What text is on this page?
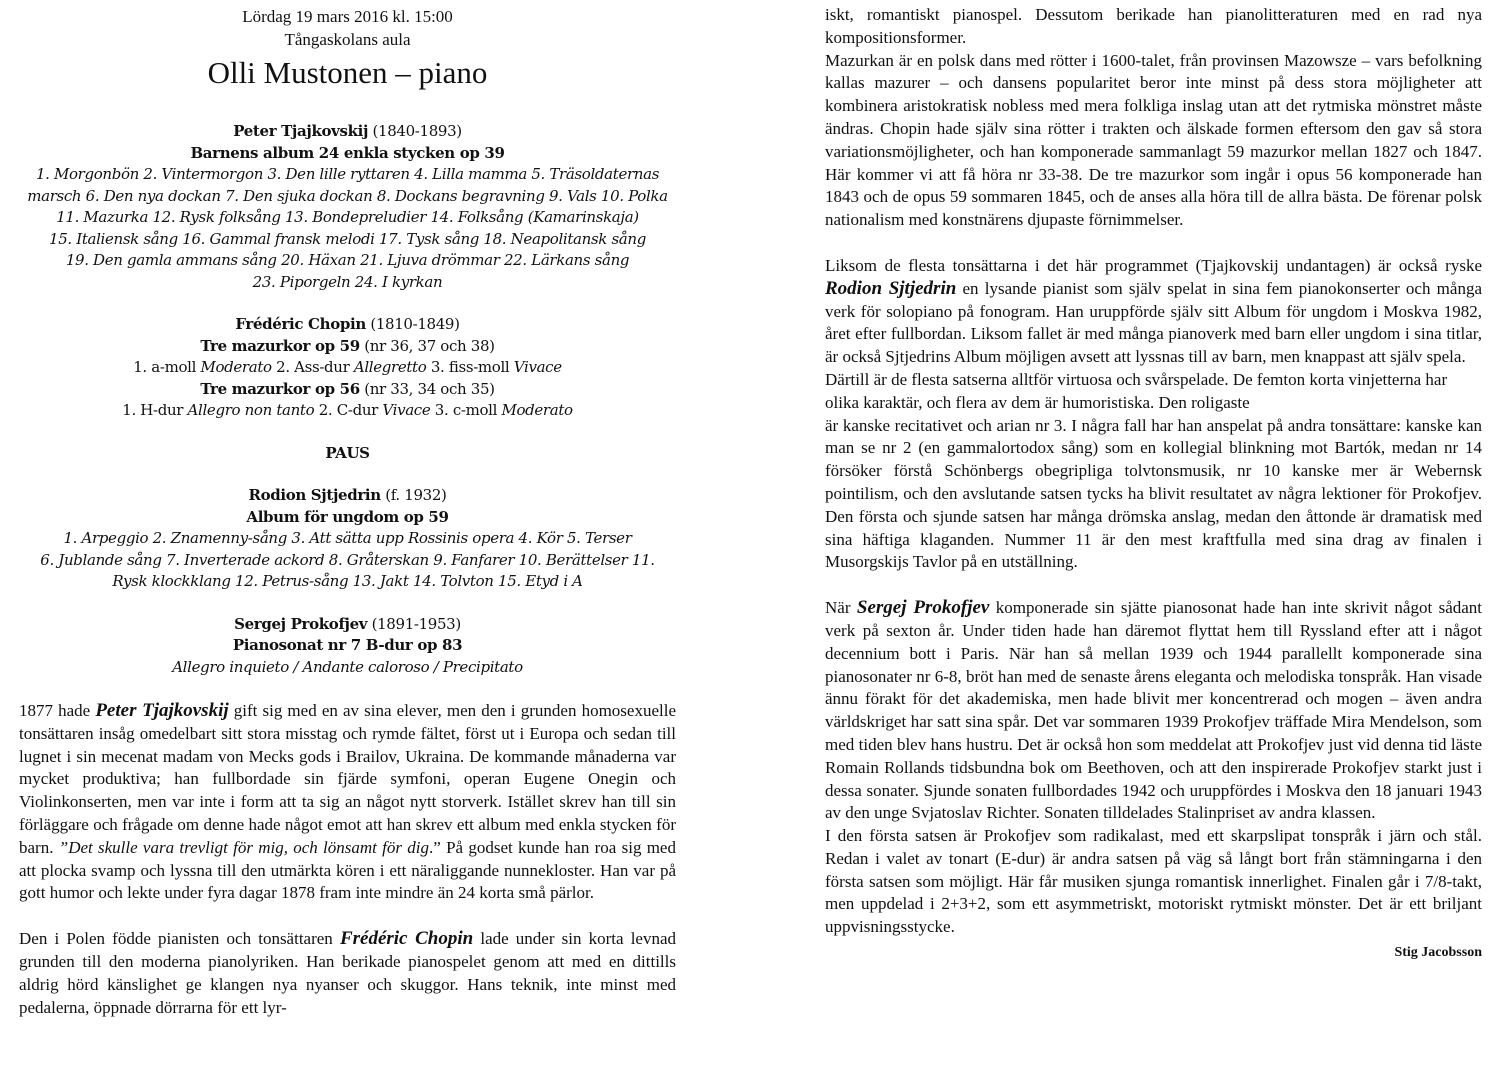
Lördag 19 mars 2016 kl. 15:00
Tångaskolans aula
Olli Mustonen – piano
Peter Tjajkovskij (1840-1893)
Barnens album 24 enkla stycken op 39
1. Morgonbön 2. Vintermorgon 3. Den lille ryttaren 4. Lilla mamma 5. Träsoldaternas
marsch 6. Den nya dockan 7. Den sjuka dockan 8. Dockans begravning 9. Vals 10. Polka
11. Mazurka 12. Rysk folksång 13. Bondepreludier 14. Folksång (Kamarinskaja)
15. Italiensk sång 16. Gammal fransk melodi 17. Tysk sång 18. Neapolitansk sång
19. Den gamla ammans sång 20. Häxan 21. Ljuva drömmar 22. Lärkans sång
23. Piporgeln 24. I kyrkan
Frédéric Chopin (1810-1849)
Tre mazurkor op 59 (nr 36, 37 och 38)
1. a-moll Moderato 2. Ass-dur Allegretto 3. fiss-moll Vivace
Tre mazurkor op 56 (nr 33, 34 och 35)
1. H-dur Allegro non tanto 2. C-dur Vivace 3. c-moll Moderato
PAUS
Rodion Sjtjedrin (f. 1932)
Album för ungdom op 59
1. Arpeggio 2. Znamenny-sång 3. Att sätta upp Rossinis opera 4. Kör 5. Terser
6. Jublande sång 7. Inverterade ackord 8. Gråterskan 9. Fanfarer 10. Berättelser 11.
Rysk klockklang 12. Petrus-sång 13. Jakt 14. Tolvton 15. Etyd i A
Sergej Prokofjev (1891-1953)
Pianosonat nr 7 B-dur op 83
Allegro inquieto / Andante caloroso / Precipitato

1877 hade Peter Tjajkovskij gift sig med en av sina elever, men den i grunden homosexuelle tonsättaren insåg omedelbart sitt stora misstag och rymde fältet, först ut i Europa och sedan till lugnet i sin mecenat madam von Mecks gods i Brailov, Ukraina. De kommande månaderna var mycket produktiva; han fullbordade sin fjärde symfoni, operan Eugene Onegin och Violinkonserten, men var inte i form att ta sig an något nytt storverk. Istället skrev han till sin förläggare och frågade om denne hade något emot att han skrev ett album med enkla stycken för barn. ”Det skulle vara trevligt för mig, och lönsamt för dig.” På godset kunde han roa sig med att plocka svamp och lyssna till den utmärkta kören i ett näraliggande nunnekloster. Han var på gott humor och lekte under fyra dagar 1878 fram inte mindre än 24 korta små pärlor.

Den i Polen födde pianisten och tonsättaren Frédéric Chopin lade under sin korta levnad grunden till den moderna pianolyriken. Han berikade pianospelet genom att med en dittills aldrig hörd känslighet ge klangen nya nyanser och skuggor. Hans teknik, inte minst med pedalerna, öppnade dörrarna för ett lyr-

iskt, romantiskt pianospel. Dessutom berikade han pianolitteraturen med en rad nya kompositionsformer.

Mazurkan är en polsk dans med rötter i 1600-talet, från provinsen Mazowsze – vars befolkning kallas mazurer – och dansens popularitet beror inte minst på dess stora möjligheter att kombinera aristokratisk nobless med mera folkliga inslag utan att det rytmiska mönstret måste ändras. Chopin hade själv sina rötter i trakten och älskade formen eftersom den gav så stora variationsmöjligheter, och han komponerade sammanlagt 59 mazurkor mellan 1827 och 1847. Här kommer vi att få höra nr 33-38. De tre mazurkor som ingår i opus 56 komponerade han 1843 och de opus 59 sommaren 1845, och de anses alla höra till de allra bästa. De förenar polsk nationalism med konstnärens djupaste förnimmelser.

Liksom de flesta tonsättarna i det här programmet (Tjajkovskij undantagen) är också ryske Rodion Sjtjedrin en lysande pianist som själv spelat in sina fem pianokonserter och många verk för solopiano på fonogram. Han uruppförde själv sitt Album för ungdom i Moskva 1982, året efter fullbordan. Liksom fallet är med många pianoverk med barn eller ungdom i sina titlar, är också Sjtjedrins Album möjligen avsett att lyssnas till av barn, men knappast att själv spela.

Därtill är de flesta satserna alltför virtuosa och svårspelade. De femton korta vinjetterna har olika karaktär, och flera av dem är humoristiska. Den roligaste

är kanske recitativet och arian nr 3. I några fall har han anspelat på andra tonsättare: kanske kan man se nr 2 (en gammalortodox sång) som en kollegial blinkning mot Bartók, medan nr 14 försöker förstå Schönbergs obegripliga tolvtonsmusik, nr 10 kanske mer är Webernsk pointilism, och den avslutande satsen tycks ha blivit resultatet av några lektioner för Prokofjev. Den första och sjunde satsen har många drömska anslag, medan den åttonde är dramatisk med sina häftiga klaganden. Nummer 11 är den mest kraftfulla med sina drag av finalen i Musorgskijs Tavlor på en utställning.

När Sergej Prokofjev komponerade sin sjätte pianosonat hade han inte skrivit något sådant verk på sexton år. Under tiden hade han däremot flyttat hem till Ryssland efter att i något decennium bott i Paris. När han så mellan 1939 och 1944 parallellt komponerade sina pianosonater nr 6-8, bröt han med de senaste årens eleganta och melodiska tonspråk. Han visade ännu förakt för det akademiska, men hade blivit mer koncentrerad och mogen – även andra världskriget har satt sina spår. Det var sommaren 1939 Prokofjev träffade Mira Mendelson, som med tiden blev hans hustru. Det är också hon som meddelat att Prokofjev just vid denna tid läste Romain Rollands tidsbundna bok om Beethoven, och att den inspirerade Prokofjev starkt just i dessa sonater. Sjunde sonaten fullbordades 1942 och uruppfördes i Moskva den 18 januari 1943 av den unge Svjatoslav Richter. Sonaten tilldelades Stalinpriset av andra klassen.

I den första satsen är Prokofjev som radikalast, med ett skarpslipat tonspråk i järn och stål. Redan i valet av tonart (E-dur) är andra satsen på väg så långt bort från stämningarna i den första satsen som möjligt. Här får musiken sjunga romantisk innerlighet. Finalen går i 7/8-takt, men uppdelad i 2+3+2, som ett asymmetriskt, motoriskt rytmiskt mönster. Det är ett briljant uppvisningsstycke.

Stig Jacobsson
